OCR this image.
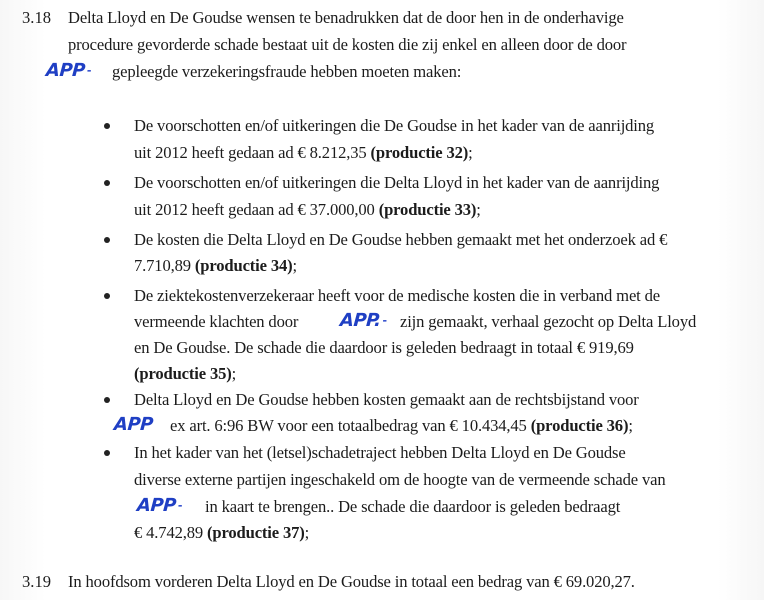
3.18 Delta Lloyd en De Goudse wensen te benadrukken dat de door hen in de onderhavige
procedure gevorderde schade bestaat uit de kosten die zij enkel en alleen door de door
APP- gepleegde verzekeringsfraude hebben moeten maken:
De voorschotten en/of uitkeringen die De Goudse in het kader van de aanrijding
uit 2012 heeft gedaan ad € 8.212,35 (productie 32);
De voorschotten en/of uitkeringen die Delta Lloyd in het kader van de aanrijding
uit 2012 heeft gedaan ad € 37.000,00 (productie 33);
De kosten die Delta Lloyd en De Goudse hebben gemaakt met het onderzoek ad €
7.710,89 (productie 34);
De ziektekostenverzekeraar heeft voor de medische kosten die in verband met de
vermeende klachten door APP.- zijn gemaakt, verhaal gezocht op Delta Lloyd
en De Goudse. De schade die daardoor is geleden bedraagt in totaal € 919,69
(productie 35);
Delta Lloyd en De Goudse hebben kosten gemaakt aan de rechtsbijstand voor
APP ex art. 6:96 BW voor een totaalbedrag van € 10.434,45 (productie 36);
In het kader van het (letsel)schadetraject hebben Delta Lloyd en De Goudse
diverse externe partijen ingeschakeld om de hoogte van de vermeende schade van
APP- in kaart te brengen.. De schade die daardoor is geleden bedraagt
€ 4.742,89 (productie 37);
3.19 In hoofdsom vorderen Delta Lloyd en De Goudse in totaal een bedrag van € 69.020,27.
